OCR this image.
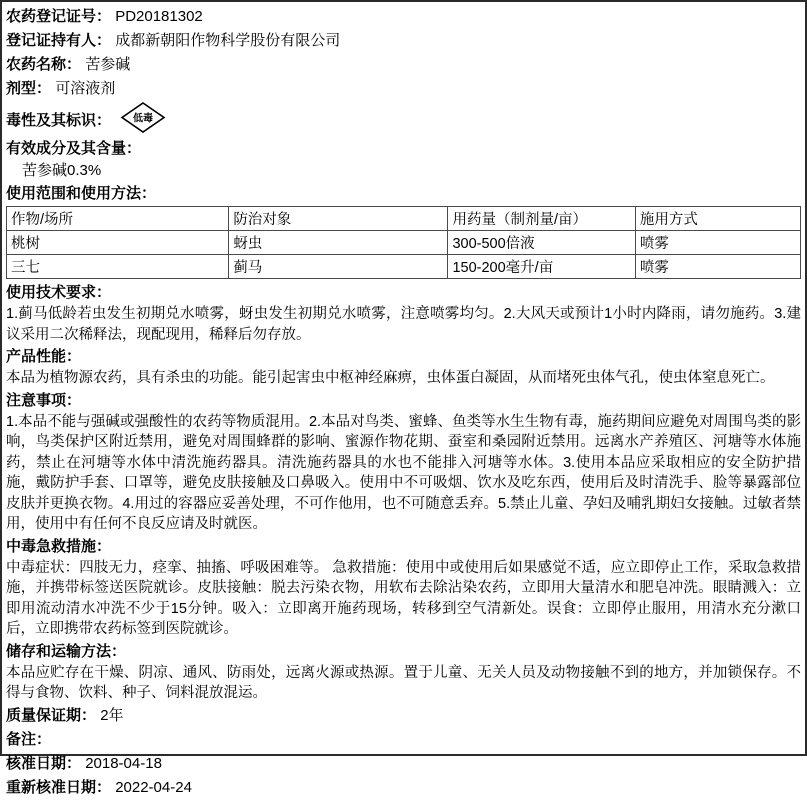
农药登记证号： PD20181302
登记证持有人： 成都新朝阳作物科学股份有限公司
农药名称： 苦参碱
剂型： 可溶液剂
毒性及其标识： 低毒
有效成分及其含量：
苦参碱0.3%
使用范围和使用方法：
作物/场所	防治对象	用药量（制剂量/亩）	施用方式
桃树	蚜虫	300-500倍液	喷雾
三七	蓟马	150-200毫升/亩	喷雾
使用技术要求：
1.蓟马低龄若虫发生初期兑水喷雾，蚜虫发生初期兑水喷雾，注意喷雾均匀。2.大风天或预计1小时内降雨，请勿施药。3.建议采用二次稀释法，现配现用，稀释后勿存放。
产品性能：
本品为植物源农药，具有杀虫的功能。能引起害虫中枢神经麻痹，虫体蛋白凝固，从而堵死虫体气孔，使虫体窒息死亡。
注意事项：
1.本品不能与强碱或强酸性的农药等物质混用。2.本品对鸟类、蜜蜂、鱼类等水生生物有毒，施药期间应避免对周围鸟类的影响，鸟类保护区附近禁用，避免对周围蜂群的影响、蜜源作物花期、蚕室和桑园附近禁用。远离水产养殖区、河塘等水体施药，禁止在河塘等水体中清洗施药器具。清洗施药器具的水也不能排入河塘等水体。3.使用本品应采取相应的安全防护措施，戴防护手套、口罩等，避免皮肤接触及口鼻吸入。使用中不可吸烟、饮水及吃东西，使用后及时清洗手、脸等暴露部位皮肤并更换衣物。4.用过的容器应妥善处理，不可作他用，也不可随意丢弃。5.禁止儿童、孕妇及哺乳期妇女接触。过敏者禁用，使用中有任何不良反应请及时就医。
中毒急救措施：
中毒症状：四肢无力，痉挛、抽搐、呼吸困难等。 急救措施：使用中或使用后如果感觉不适，应立即停止工作，采取急救措施，并携带标签送医院就诊。皮肤接触：脱去污染衣物，用软布去除沾染农药，立即用大量清水和肥皂冲洗。眼睛溅入：立即用流动清水冲洗不少于15分钟。吸入：立即离开施药现场，转移到空气清新处。误食：立即停止服用，用清水充分漱口后，立即携带农药标签到医院就诊。
储存和运输方法：
本品应贮存在干燥、阴凉、通风、防雨处，远离火源或热源。置于儿童、无关人员及动物接触不到的地方，并加锁保存。不得与食物、饮料、种子、饲料混放混运。
质量保证期： 2年
备注：
核准日期： 2018-04-18
重新核准日期： 2022-04-24
